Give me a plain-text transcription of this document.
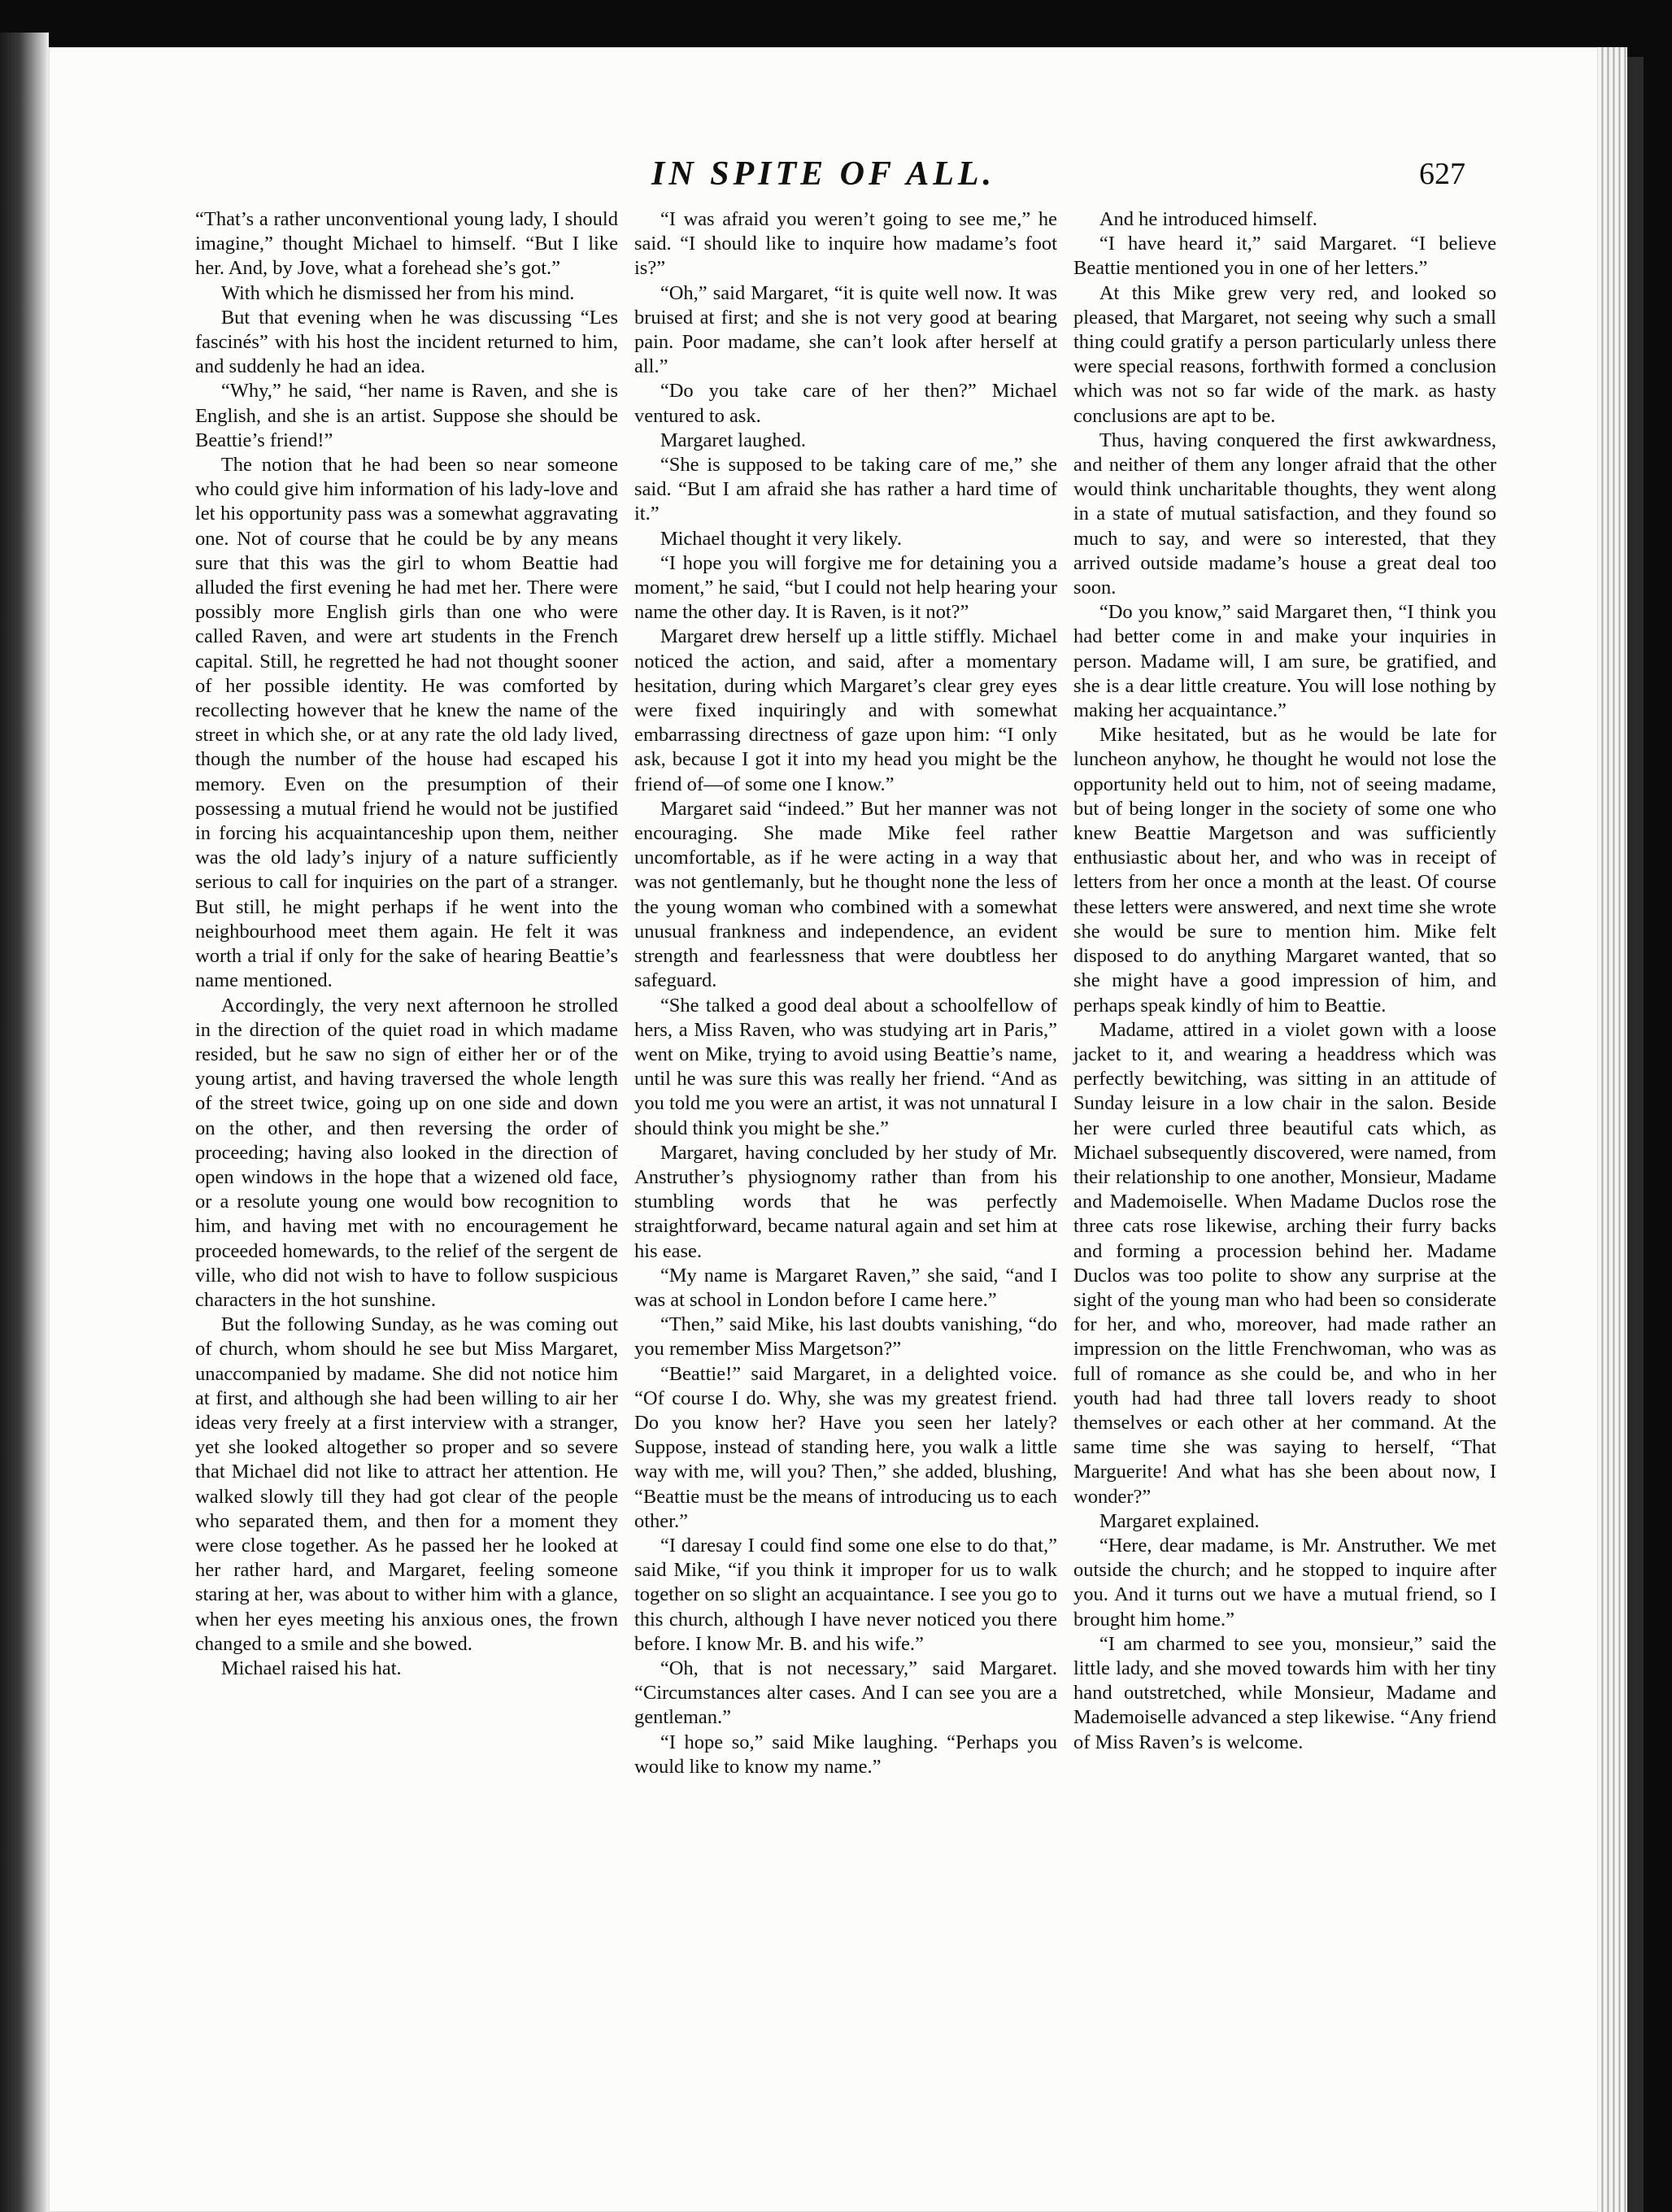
IN SPITE OF ALL.	627

“That’s a rather unconventional young lady, I should imagine,” thought Michael to himself. “But I like her. And, by Jove, what a forehead she’s got.”

With which he dismissed her from his mind.

But that evening when he was discussing “Les fascinés” with his host the incident returned to him, and suddenly he had an idea.

“Why,” he said, “her name is Raven, and she is English, and she is an artist. Suppose she should be Beattie’s friend!”

The notion that he had been so near someone who could give him information of his lady-love and let his opportunity pass was a somewhat aggravating one. Not of course that he could be by any means sure that this was the girl to whom Beattie had alluded the first evening he had met her. There were possibly more English girls than one who were called Raven, and were art students in the French capital. Still, he regretted he had not thought sooner of her possible identity. He was comforted by recollecting however that he knew the name of the street in which she, or at any rate the old lady lived, though the number of the house had escaped his memory. Even on the presumption of their possessing a mutual friend he would not be justified in forcing his acquaintanceship upon them, neither was the old lady’s injury of a nature sufficiently serious to call for inquiries on the part of a stranger. But still, he might perhaps if he went into the neighbourhood meet them again. He felt it was worth a trial if only for the sake of hearing Beattie’s name mentioned.

Accordingly, the very next afternoon he strolled in the direction of the quiet road in which madame resided, but he saw no sign of either her or of the young artist, and having traversed the whole length of the street twice, going up on one side and down on the other, and then reversing the order of proceeding; having also looked in the direction of open windows in the hope that a wizened old face, or a resolute young one would bow recognition to him, and having met with no encouragement he proceeded homewards, to the relief of the sergent de ville, who did not wish to have to follow suspicious characters in the hot sunshine.

But the following Sunday, as he was coming out of church, whom should he see but Miss Margaret, unaccompanied by madame. She did not notice him at first, and although she had been willing to air her ideas very freely at a first interview with a stranger, yet she looked altogether so proper and so severe that Michael did not like to attract her attention. He walked slowly till they had got clear of the people who separated them, and then for a moment they were close together. As he passed her he looked at her rather hard, and Margaret, feeling someone staring at her, was about to wither him with a glance, when her eyes meeting his anxious ones, the frown changed to a smile and she bowed.

Michael raised his hat.

“I was afraid you weren’t going to see me,” he said. “I should like to inquire how madame’s foot is?”

“Oh,” said Margaret, “it is quite well now. It was bruised at first; and she is not very good at bearing pain. Poor madame, she can’t look after herself at all.”

“Do you take care of her then?” Michael ventured to ask.

Margaret laughed.

“She is supposed to be taking care of me,” she said. “But I am afraid she has rather a hard time of it.”

Michael thought it very likely.

“I hope you will forgive me for detaining you a moment,” he said, “but I could not help hearing your name the other day. It is Raven, is it not?”

Margaret drew herself up a little stiffly. Michael noticed the action, and said, after a momentary hesitation, during which Margaret’s clear grey eyes were fixed inquiringly and with somewhat embarrassing directness of gaze upon him: “I only ask, because I got it into my head you might be the friend of—of some one I know.”

Margaret said “indeed.” But her manner was not encouraging. She made Mike feel rather uncomfortable, as if he were acting in a way that was not gentlemanly, but he thought none the less of the young woman who combined with a somewhat unusual frankness and independence, an evident strength and fearlessness that were doubtless her safeguard.

“She talked a good deal about a schoolfellow of hers, a Miss Raven, who was studying art in Paris,” went on Mike, trying to avoid using Beattie’s name, until he was sure this was really her friend. “And as you told me you were an artist, it was not unnatural I should think you might be she.”

Margaret, having concluded by her study of Mr. Anstruther’s physiognomy rather than from his stumbling words that he was perfectly straightforward, became natural again and set him at his ease.

“My name is Margaret Raven,” she said, “and I was at school in London before I came here.”

“Then,” said Mike, his last doubts vanishing, “do you remember Miss Margetson?”

“Beattie!” said Margaret, in a delighted voice. “Of course I do. Why, she was my greatest friend. Do you know her? Have you seen her lately? Suppose, instead of standing here, you walk a little way with me, will you? Then,” she added, blushing, “Beattie must be the means of introducing us to each other.”

“I daresay I could find some one else to do that,” said Mike, “if you think it improper for us to walk together on so slight an acquaintance. I see you go to this church, although I have never noticed you there before. I know Mr. B. and his wife.”

“Oh, that is not necessary,” said Margaret. “Circumstances alter cases. And I can see you are a gentleman.”

“I hope so,” said Mike laughing. “Perhaps you would like to know my name.”

And he introduced himself.

“I have heard it,” said Margaret. “I believe Beattie mentioned you in one of her letters.”

At this Mike grew very red, and looked so pleased, that Margaret, not seeing why such a small thing could gratify a person particularly unless there were special reasons, forthwith formed a conclusion which was not so far wide of the mark. as hasty conclusions are apt to be.

Thus, having conquered the first awkwardness, and neither of them any longer afraid that the other would think uncharitable thoughts, they went along in a state of mutual satisfaction, and they found so much to say, and were so interested, that they arrived outside madame’s house a great deal too soon.

“Do you know,” said Margaret then, “I think you had better come in and make your inquiries in person. Madame will, I am sure, be gratified, and she is a dear little creature. You will lose nothing by making her acquaintance.”

Mike hesitated, but as he would be late for luncheon anyhow, he thought he would not lose the opportunity held out to him, not of seeing madame, but of being longer in the society of some one who knew Beattie Margetson and was sufficiently enthusiastic about her, and who was in receipt of letters from her once a month at the least. Of course these letters were answered, and next time she wrote she would be sure to mention him. Mike felt disposed to do anything Margaret wanted, that so she might have a good impression of him, and perhaps speak kindly of him to Beattie.

Madame, attired in a violet gown with a loose jacket to it, and wearing a headdress which was perfectly bewitching, was sitting in an attitude of Sunday leisure in a low chair in the salon. Beside her were curled three beautiful cats which, as Michael subsequently discovered, were named, from their relationship to one another, Monsieur, Madame and Mademoiselle. When Madame Duclos rose the three cats rose likewise, arching their furry backs and forming a procession behind her. Madame Duclos was too polite to show any surprise at the sight of the young man who had been so considerate for her, and who, moreover, had made rather an impression on the little Frenchwoman, who was as full of romance as she could be, and who in her youth had had three tall lovers ready to shoot themselves or each other at her command. At the same time she was saying to herself, “That Marguerite! And what has she been about now, I wonder?”

Margaret explained.

“Here, dear madame, is Mr. Anstruther. We met outside the church; and he stopped to inquire after you. And it turns out we have a mutual friend, so I brought him home.”

“I am charmed to see you, monsieur,” said the little lady, and she moved towards him with her tiny hand outstretched, while Monsieur, Madame and Mademoiselle advanced a step likewise. “Any friend of Miss Raven’s is welcome.
